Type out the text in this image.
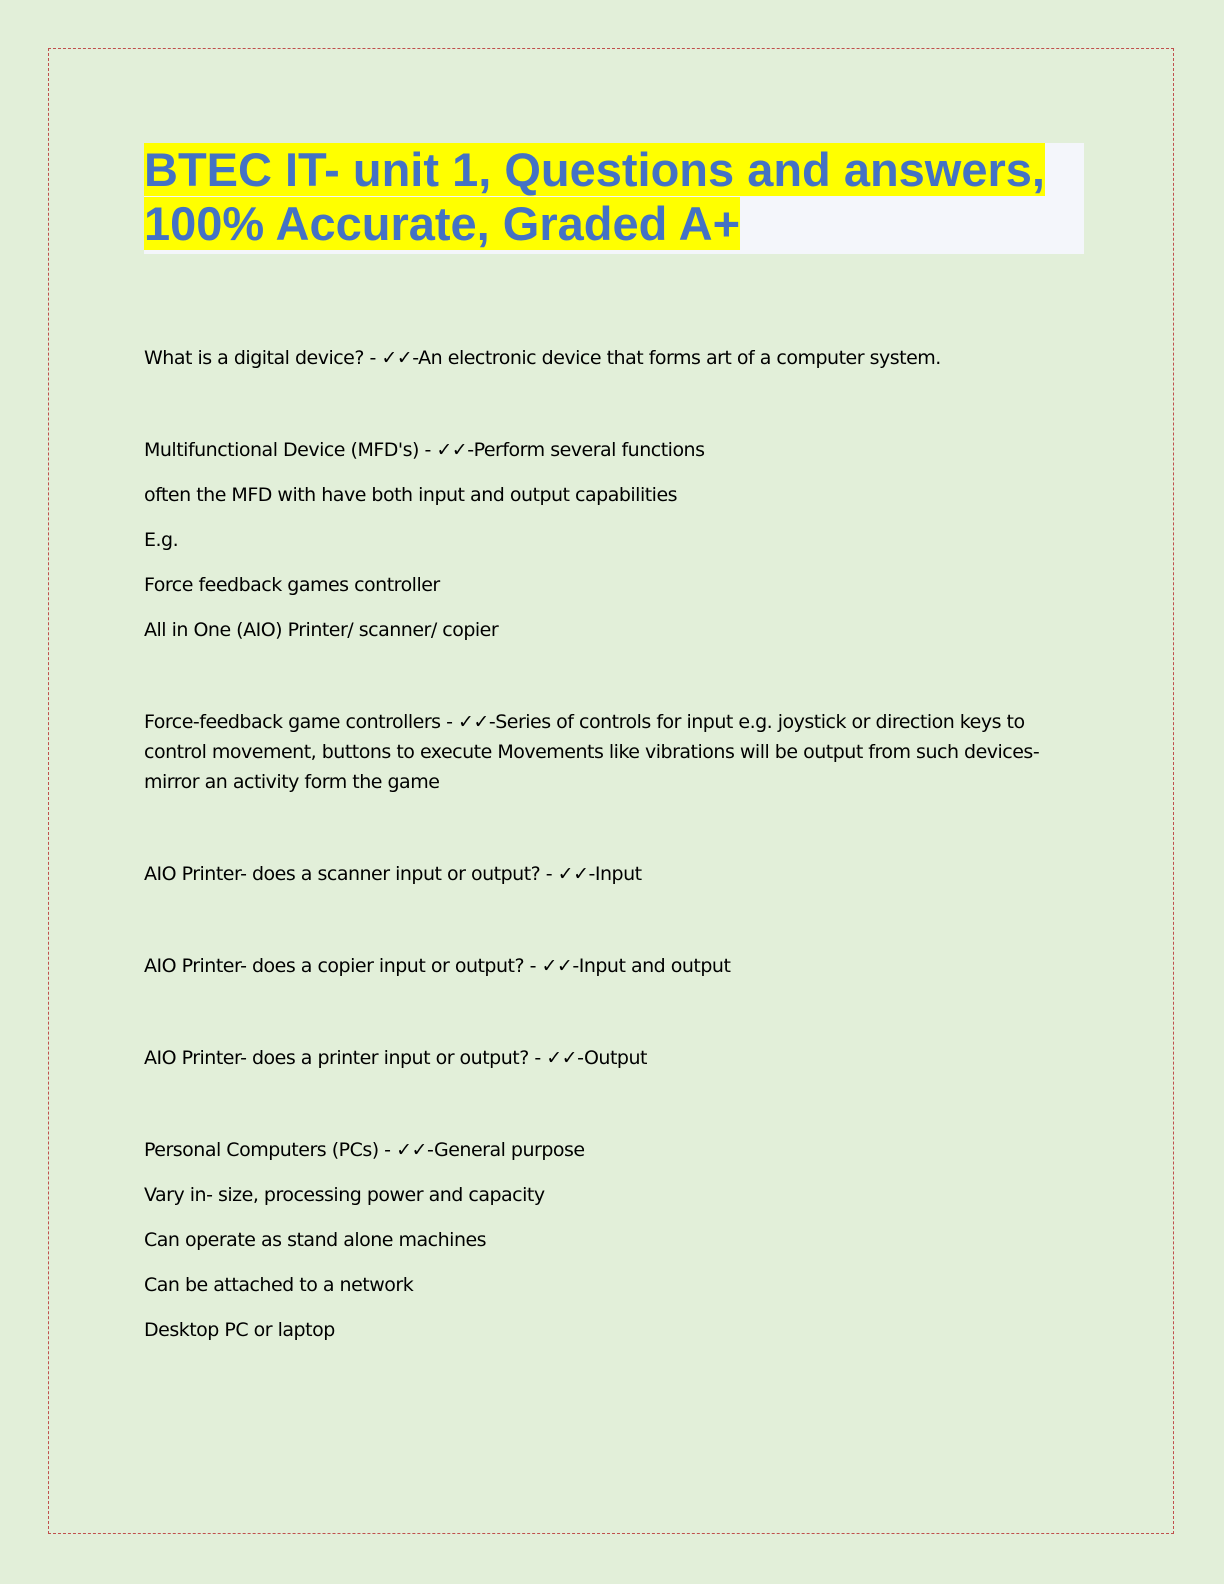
BTEC IT- unit 1, Questions and answers,
100% Accurate, Graded A+

What is a digital device? - ✓✓-An electronic device that forms art of a computer system.

Multifunctional Device (MFD's) - ✓✓-Perform several functions

often the MFD with have both input and output capabilities

E.g.

Force feedback games controller

All in One (AIO) Printer/ scanner/ copier

Force-feedback game controllers - ✓✓-Series of controls for input e.g. joystick or direction keys to control movement, buttons to execute Movements like vibrations will be output from such devices- mirror an activity form the game

AIO Printer- does a scanner input or output? - ✓✓-Input

AIO Printer- does a copier input or output? - ✓✓-Input and output

AIO Printer- does a printer input or output? - ✓✓-Output

Personal Computers (PCs) - ✓✓-General purpose

Vary in- size, processing power and capacity

Can operate as stand alone machines

Can be attached to a network

Desktop PC or laptop
